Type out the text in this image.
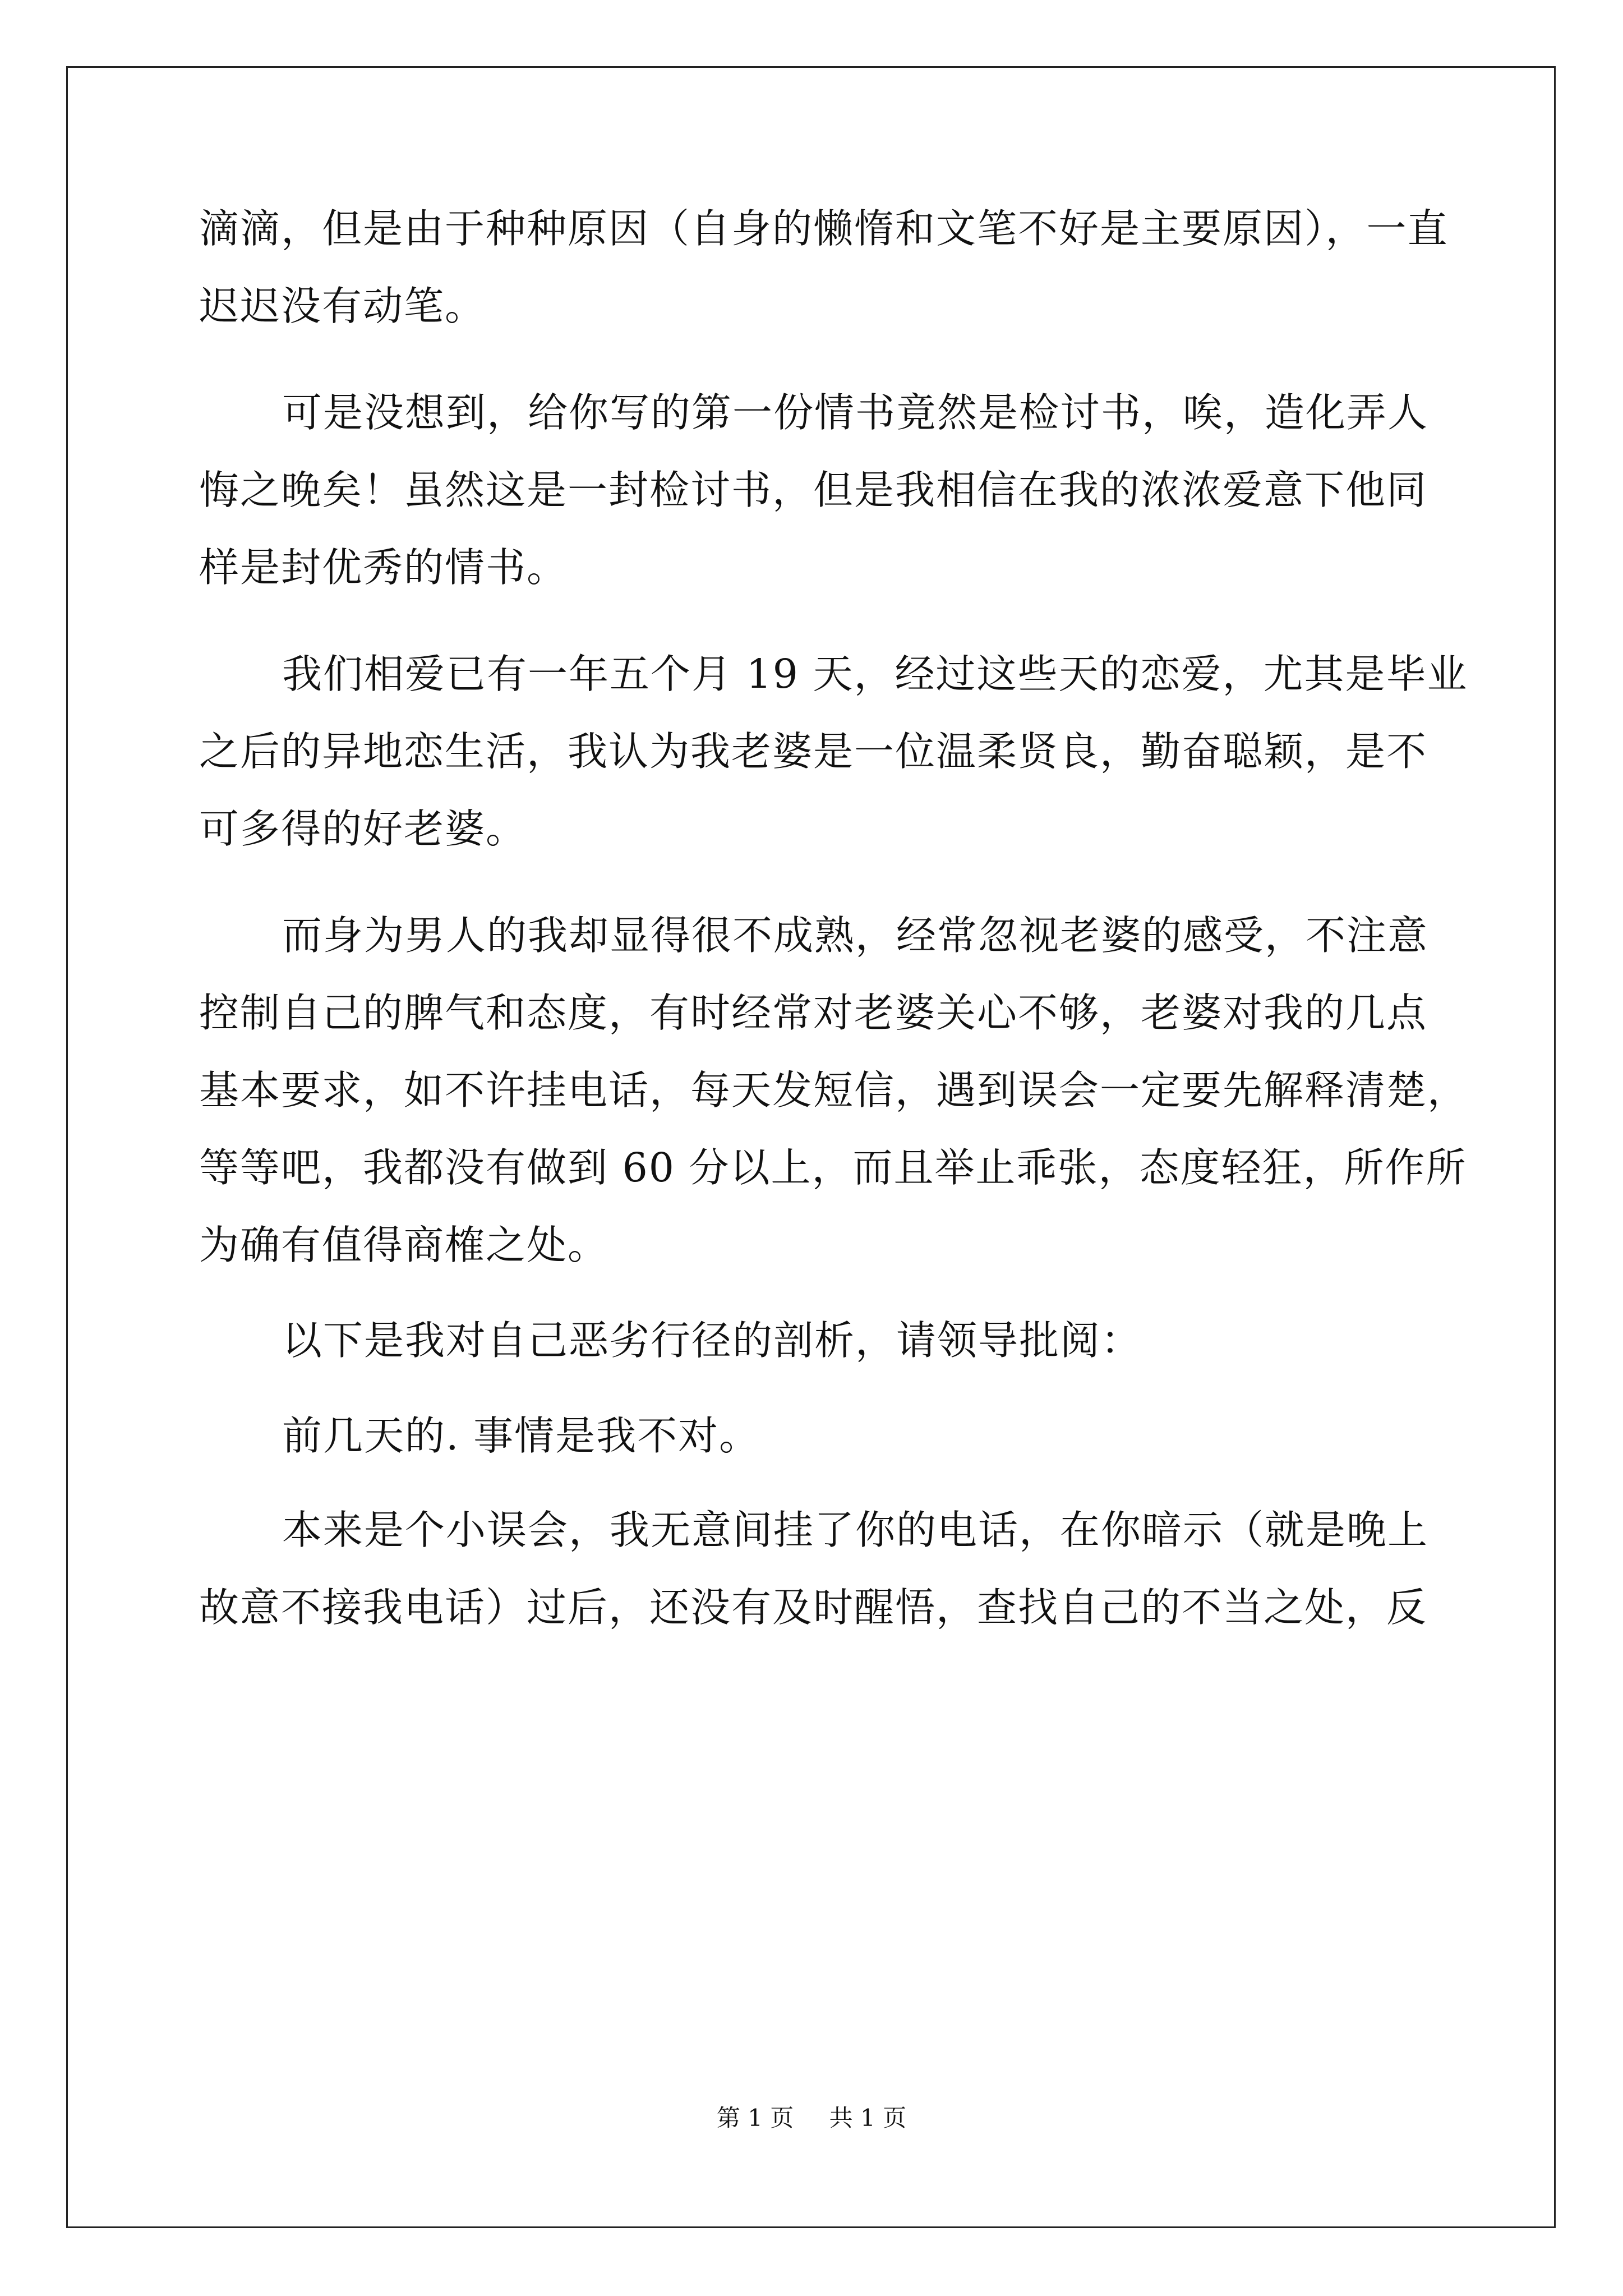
滴滴，但是由于种种原因（自身的懒惰和文笔不好是主要原因），一直
迟迟没有动笔。
可是没想到，给你写的第一份情书竟然是检讨书，唉，造化弄人
悔之晚矣！虽然这是一封检讨书，但是我相信在我的浓浓爱意下他同
样是封优秀的情书。
我们相爱已有一年五个月 19 天，经过这些天的恋爱，尤其是毕业
之后的异地恋生活，我认为我老婆是一位温柔贤良，勤奋聪颖，是不
可多得的好老婆。
而身为男人的我却显得很不成熟，经常忽视老婆的感受，不注意
控制自己的脾气和态度，有时经常对老婆关心不够，老婆对我的几点
基本要求，如不许挂电话，每天发短信，遇到误会一定要先解释清楚，
等等吧，我都没有做到 60 分以上，而且举止乖张，态度轻狂，所作所
为确有值得商榷之处。
以下是我对自己恶劣行径的剖析，请领导批阅：
前几天的. 事情是我不对。
本来是个小误会，我无意间挂了你的电话，在你暗示（就是晚上
故意不接我电话）过后，还没有及时醒悟，查找自己的不当之处，反
第 1 页 共 1 页
